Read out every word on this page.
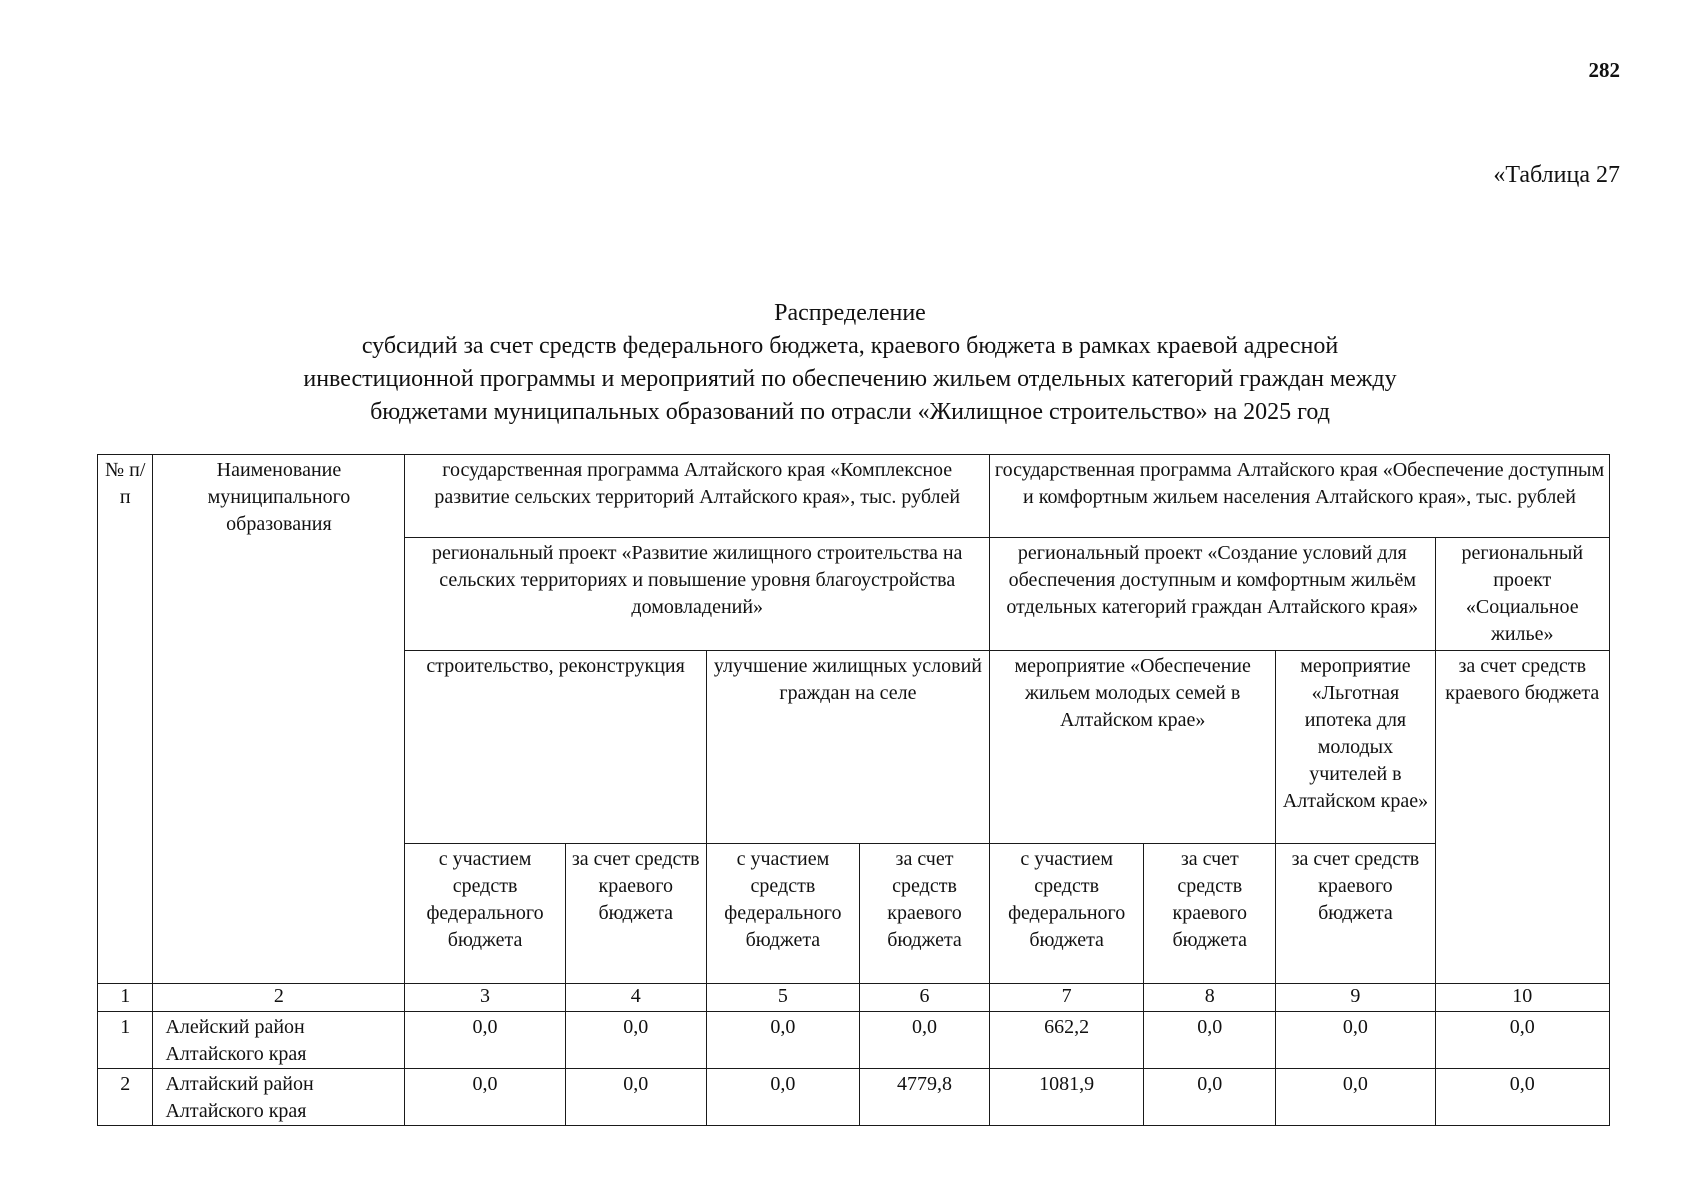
282
«Таблица 27
Распределение
субсидий за счет средств федерального бюджета, краевого бюджета в рамках краевой адресной
инвестиционной программы и мероприятий по обеспечению жильем отдельных категорий граждан между
бюджетами муниципальных образований по отрасли «Жилищное строительство» на 2025 год
№ п/п	Наименование муниципального образования	государственная программа Алтайского края «Комплексное развитие сельских территорий Алтайского края», тыс. рублей				государственная программа Алтайского края «Обеспечение доступным и комфортным жильем населения Алтайского края», тыс. рублей			
		региональный проект «Развитие жилищного строительства на сельских территориях и повышение уровня благоустройства домовладений»				региональный проект «Создание условий для обеспечения доступным и комфортным жильём отдельных категорий граждан Алтайского края»			региональный проект «Социальное жилье»
		строительство, реконструкция		улучшение жилищных условий граждан на селе		мероприятие «Обеспечение жильем молодых семей в Алтайском крае»		мероприятие «Льготная ипотека для молодых учителей в Алтайском крае»	за счет средств краевого бюджета
		с участием средств федерального бюджета	за счет средств краевого бюджета	с участием средств федерального бюджета	за счет средств краевого бюджета	с участием средств федерального бюджета	за счет средств краевого бюджета	за счет средств краевого бюджета	
1	2	3	4	5	6	7	8	9	10
1	Алейский район Алтайского края	0,0	0,0	0,0	0,0	662,2	0,0	0,0	0,0
2	Алтайский район Алтайского края	0,0	0,0	0,0	4779,8	1081,9	0,0	0,0	0,0
